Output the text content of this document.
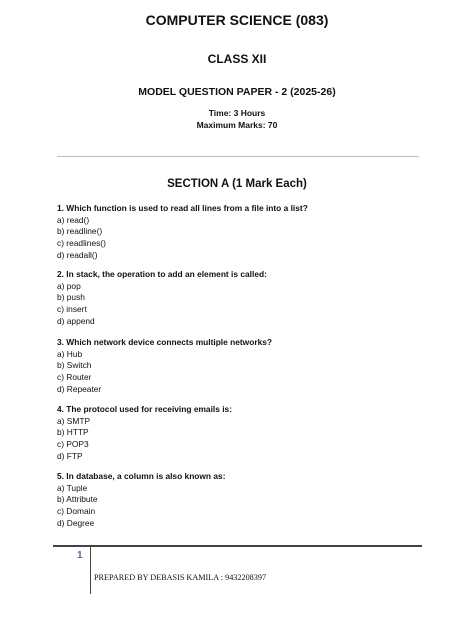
COMPUTER SCIENCE (083)
CLASS XII
MODEL QUESTION PAPER - 2 (2025-26)
Time: 3 Hours
Maximum Marks: 70
SECTION A (1 Mark Each)
1. Which function is used to read all lines from a file into a list?
a) read()
b) readline()
c) readlines()
d) readall()
2. In stack, the operation to add an element is called:
a) pop
b) push
c) insert
d) append
3. Which network device connects multiple networks?
a) Hub
b) Switch
c) Router
d) Repeater
4. The protocol used for receiving emails is:
a) SMTP
b) HTTP
c) POP3
d) FTP
5. In database, a column is also known as:
a) Tuple
b) Attribute
c) Domain
d) Degree
1
PREPARED BY DEBASIS KAMILA : 9432208397
